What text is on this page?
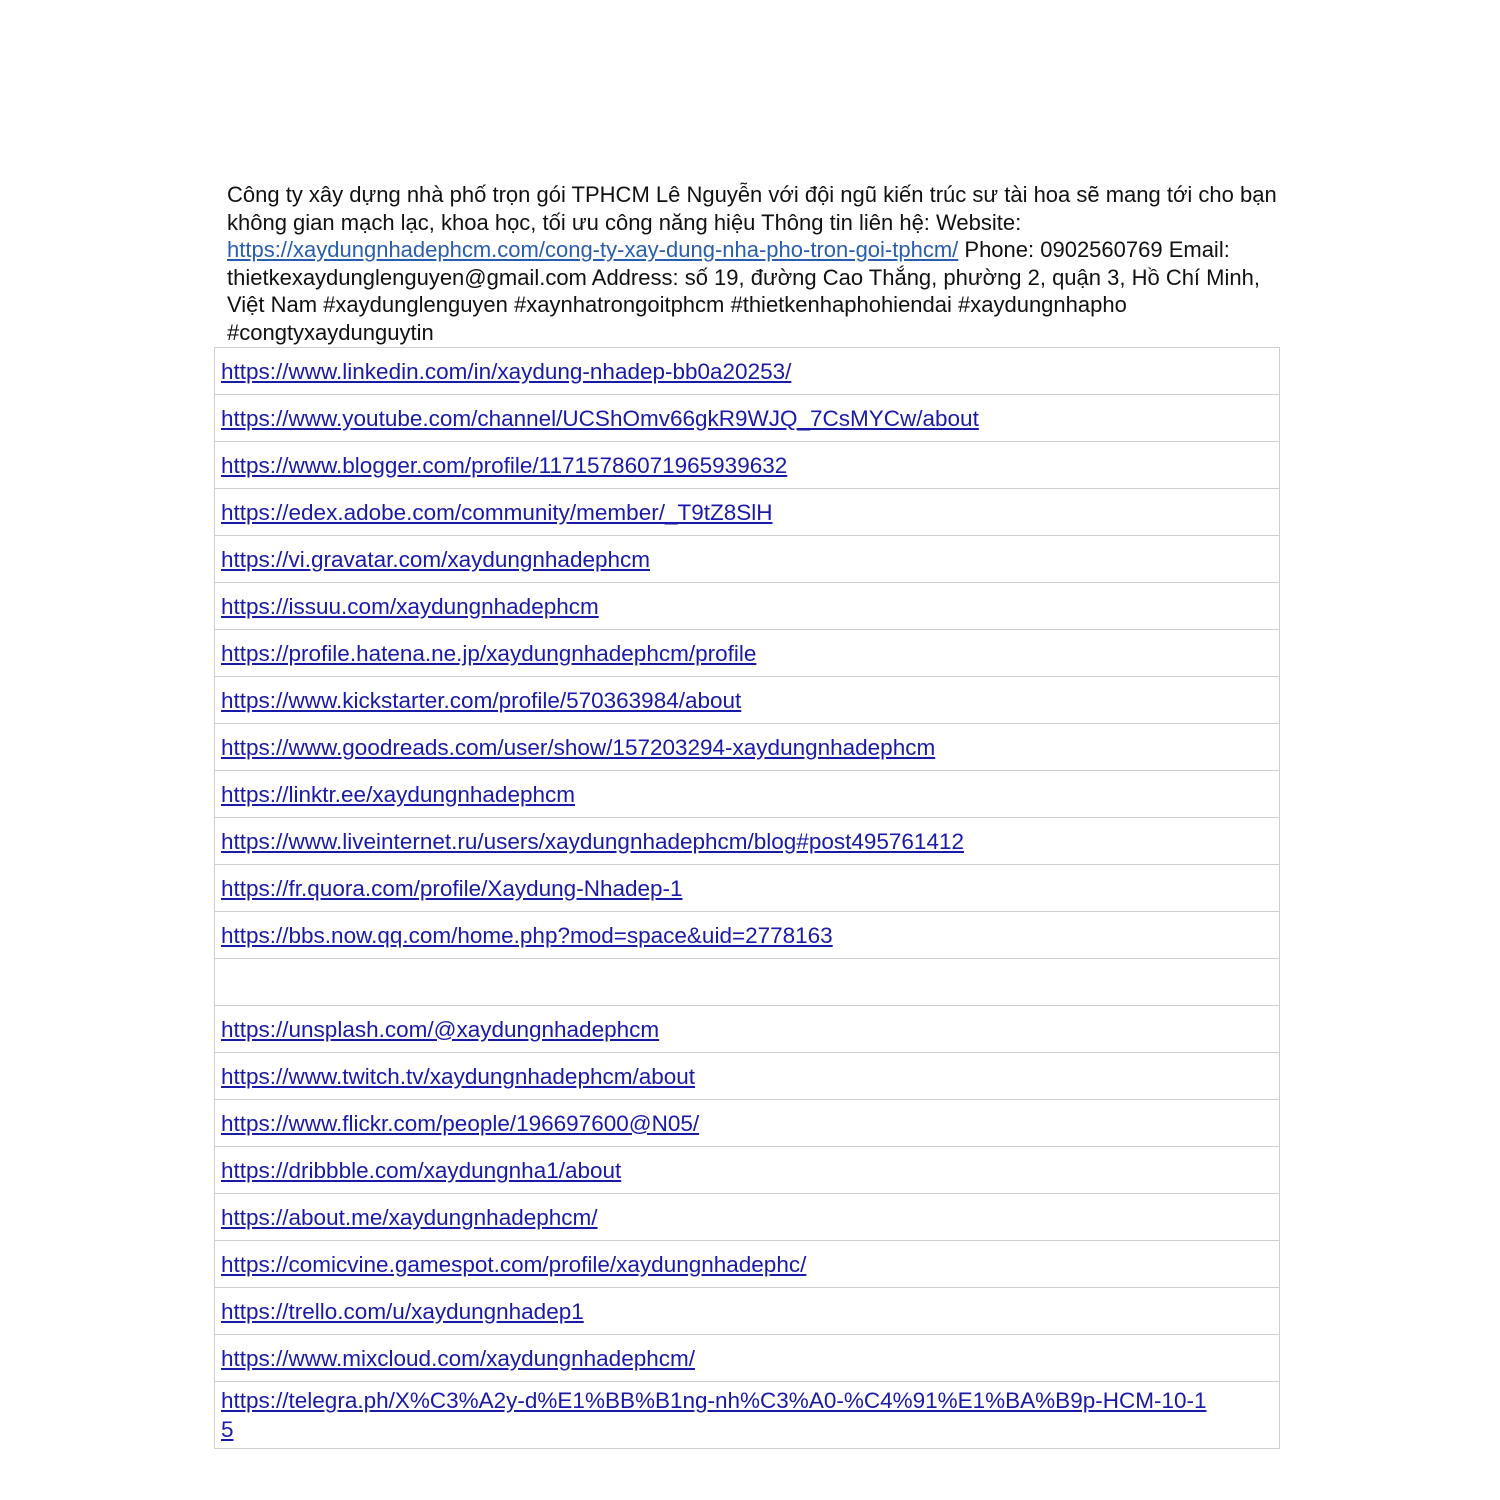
Công ty xây dựng nhà phố trọn gói TPHCM Lê Nguyễn với đội ngũ kiến trúc sư tài hoa sẽ mang tới cho bạn không gian mạch lạc, khoa học, tối ưu công năng hiệu Thông tin liên hệ: Website: https://xaydungnhadephcm.com/cong-ty-xay-dung-nha-pho-tron-goi-tphcm/ Phone: 0902560769 Email: thietkexaydunglenguyen@gmail.com Address: số 19, đường Cao Thắng, phường 2, quận 3, Hồ Chí Minh, Việt Nam #xaydunglenguyen #xaynhatrongoitphcm #thietkenhaphohiendai #xaydungnhapho #congtyxaydunguytin
https://www.linkedin.com/in/xaydung-nhadep-bb0a20253/
https://www.youtube.com/channel/UCShOmv66gkR9WJQ_7CsMYCw/about
https://www.blogger.com/profile/11715786071965939632
https://edex.adobe.com/community/member/_T9tZ8SlH
https://vi.gravatar.com/xaydungnhadephcm
https://issuu.com/xaydungnhadephcm
https://profile.hatena.ne.jp/xaydungnhadephcm/profile
https://www.kickstarter.com/profile/570363984/about
https://www.goodreads.com/user/show/157203294-xaydungnhadephcm
https://linktr.ee/xaydungnhadephcm
https://www.liveinternet.ru/users/xaydungnhadephcm/blog#post495761412
https://fr.quora.com/profile/Xaydung-Nhadep-1
https://bbs.now.qq.com/home.php?mod=space&uid=2778163

https://unsplash.com/@xaydungnhadephcm
https://www.twitch.tv/xaydungnhadephcm/about
https://www.flickr.com/people/196697600@N05/
https://dribbble.com/xaydungnha1/about
https://about.me/xaydungnhadephcm/
https://comicvine.gamespot.com/profile/xaydungnhadephc/
https://trello.com/u/xaydungnhadep1
https://www.mixcloud.com/xaydungnhadephcm/
https://telegra.ph/X%C3%A2y-d%E1%BB%B1ng-nh%C3%A0-%C4%91%E1%BA%B9p-HCM-10-15
